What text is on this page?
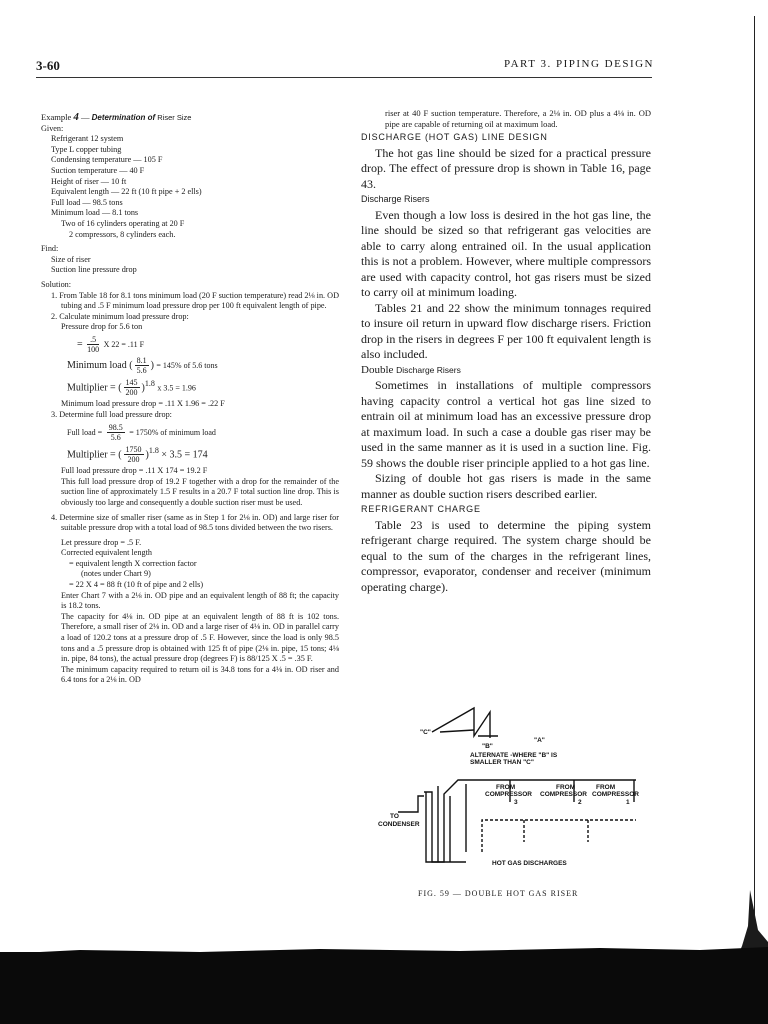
3-60	PART 3. PIPING DESIGN

Example 4 — Determination of Riser Size

Given:

Refrigerant 12 system

Type L copper tubing

Condensing temperature — 105 F

Suction temperature — 40 F

Height of riser — 10 ft

Equivalent length — 22 ft (10 ft pipe + 2 ells)

Full load — 98.5 tons

Minimum load — 8.1 tons

Two of 16 cylinders operating at 20 F

2 compressors, 8 cylinders each.

Find:

Size of riser

Suction line pressure drop

Solution:

1. From Table 18 for 8.1 tons minimum load (20 F suction temperature) read 2⅛ in. OD tubing and .5 F minimum load pressure drop per 100 ft equivalent length of pipe.

2. Calculate minimum load pressure drop:

Pressure drop for 5.6 ton

= $\frac{.5}{100}$ X 22 = .11 F
Minimum load ( $\frac{8.1}{5.6}$ ) = 145% of 5.6 tons
Multiplier = ( $\frac{145}{200} )^{1.8}$ x 3.5 = 1.96

Minimum load pressure drop = .11 X 1.96 = .22 F

3. Determine full load pressure drop:

Full load = $\frac{98.5}{5.6} = 1750\%$ of minimum load
Multiplier = ( $\frac{1750}{200} )^{1.8} \times 3.5 = 174$

Full load pressure drop = .11 X 174 = 19.2 F

This full load pressure drop of 19.2 F together with a drop for the remainder of the suction line of approximately 1.5 F results in a 20.7 F total suction line drop. This is obviously too large and consequently a double suction riser must be used.

4. Determine size of smaller riser (same as in Step 1 for 2⅛ in. OD) and large riser for suitable pressure drop with a total load of 98.5 tons divided between the two risers.

Let pressure drop = .5 F.

Corrected equivalent length

= equivalent length X correction factor

(notes under Chart 9)

= 22 X 4 = 88 ft (10 ft of pipe and 2 ells)

Enter Chart 7 with a 2⅛ in. OD pipe and an equivalent length of 88 ft; the capacity is 18.2 tons.

The capacity for 4⅛ in. OD pipe at an equivalent length of 88 ft is 102 tons. Therefore, a small riser of 2⅛ in. OD and a large riser of 4⅛ in. OD in parallel carry a load of 120.2 tons at a pressure drop of .5 F. However, since the load is only 98.5 tons and a .5 pressure drop is obtained with 125 ft of pipe (2⅛ in. pipe, 15 tons; 4⅛ in. pipe, 84 tons), the actual pressure drop (degrees F) is 88/125 X .5 = .35 F.

The minimum capacity required to return oil is 34.8 tons for a 4⅛ in. OD riser and 6.4 tons for a 2⅛ in. OD

riser at 40 F suction temperature. Therefore, a 2⅛ in. OD plus a 4⅛ in. OD pipe are capable of returning oil at maximum load.

DISCHARGE (HOT GAS) LINE DESIGN

The hot gas line should be sized for a practical pressure drop. The effect of pressure drop is shown in Table 16, page 43.

Discharge Risers

Even though a low loss is desired in the hot gas line, the line should be sized so that refrigerant gas velocities are able to carry along entrained oil. In the usual application this is not a problem. However, where multiple compressors are used with capacity control, hot gas risers must be sized to carry oil at minimum loading.

Tables 21 and 22 show the minimum tonnages required to insure oil return in upward flow discharge risers. Friction drop in the risers in degrees F per 100 ft equivalent length is also included.

Double Discharge Risers

Sometimes in installations of multiple compressors having capacity control a vertical hot gas line sized to entrain oil at minimum load has an excessive pressure drop at maximum load. In such a case a double gas riser may be used in the same manner as it is used in a suction line. Fig. 59 shows the double riser principle applied to a hot gas line.

Sizing of double hot gas risers is made in the same manner as double suction risers described earlier.

REFRIGERANT CHARGE

Table 23 is used to determine the piping system refrigerant charge required. The system charge should be equal to the sum of the charges in the refrigerant lines, compressor, evaporator, condenser and receiver (minimum operating charge).

"C"
"A"
"B"
ALTERNATE -WHERE "B" IS
SMALLER THAN "C"
FROM
COMPRESSOR
FROM
COMPRESSOR
FROM
COMPRESSOR
3	2	1
TO
CONDENSER
HOT GAS DISCHARGES
FIG. 59 — DOUBLE HOT GAS RISER
